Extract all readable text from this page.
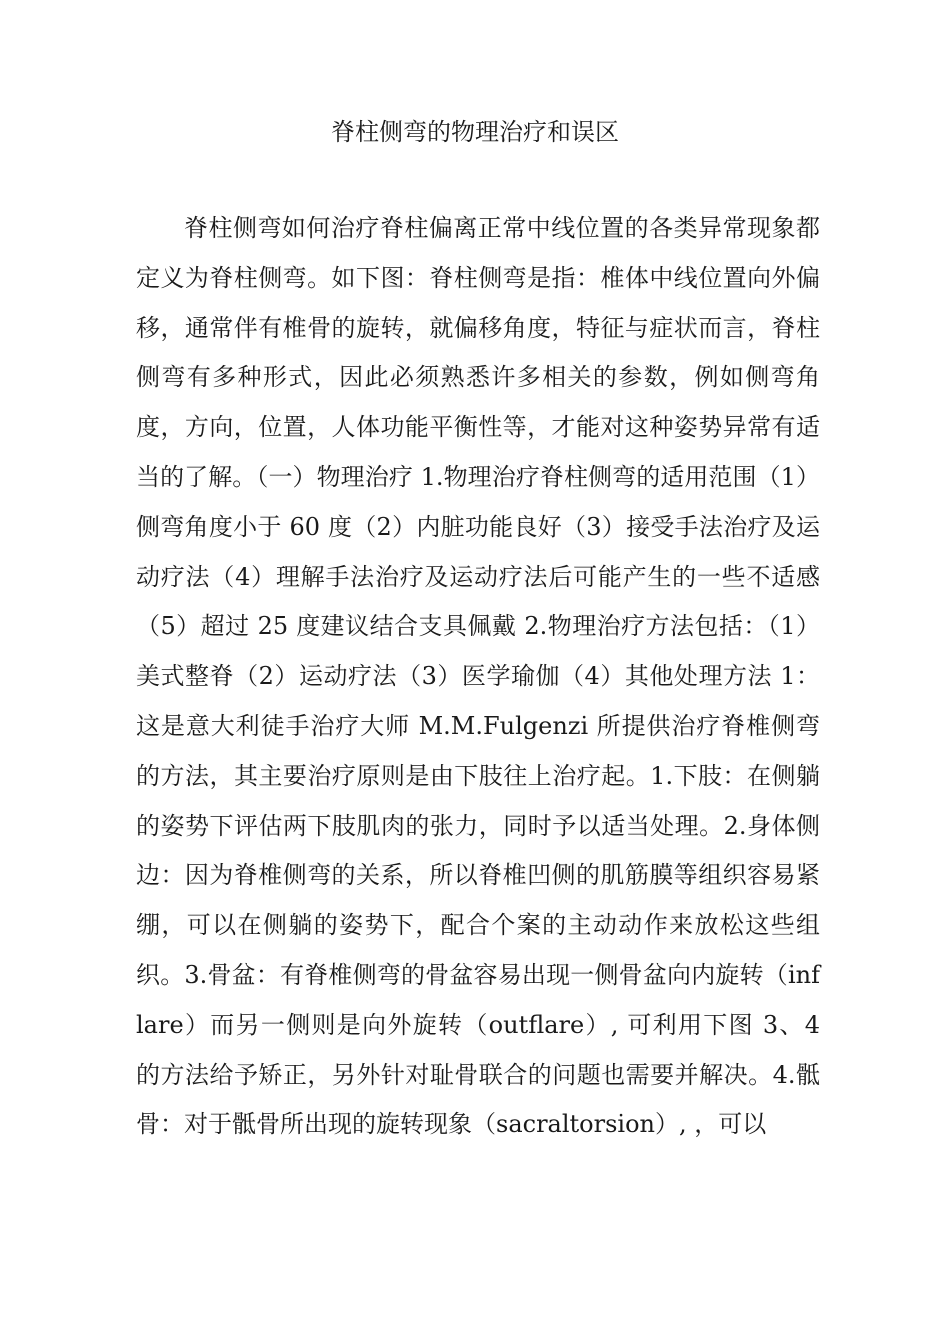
脊柱侧弯的物理治疗和误区

脊柱侧弯如何治疗脊柱偏离正常中线位置的各类异常现象都定义为脊柱侧弯。如下图：脊柱侧弯是指：椎体中线位置向外偏移，通常伴有椎骨的旋转，就偏移角度，特征与症状而言，脊柱侧弯有多种形式，因此必须熟悉许多相关的参数，例如侧弯角度，方向，位置，人体功能平衡性等，才能对这种姿势异常有适当的了解。（一）物理治疗 1.物理治疗脊柱侧弯的适用范围（1）侧弯角度小于 60 度（2）内脏功能良好（3）接受手法治疗及运动疗法（4）理解手法治疗及运动疗法后可能产生的一些不适感（5）超过 25 度建议结合支具佩戴 2.物理治疗方法包括：（1）美式整脊（2）运动疗法（3）医学瑜伽（4）其他处理方法 1：这是意大利徒手治疗大师 M.M.Fulgenzi 所提供治疗脊椎侧弯的方法，其主要治疗原则是由下肢往上治疗起。1.下肢：在侧躺的姿势下评估两下肢肌肉的张力，同时予以适当处理。2.身体侧边：因为脊椎侧弯的关系，所以脊椎凹侧的肌筋膜等组织容易紧绷，可以在侧躺的姿势下，配合个案的主动动作来放松这些组织。3.骨盆：有脊椎侧弯的骨盆容易出现一侧骨盆向内旋转（inflare）而另一侧则是向外旋转（outflare）, 可利用下图 3、4 的方法给予矫正，另外针对耻骨联合的问题也需要并解决。4.骶骨：对于骶骨所出现的旋转现象（sacraltorsion）, ，可以
